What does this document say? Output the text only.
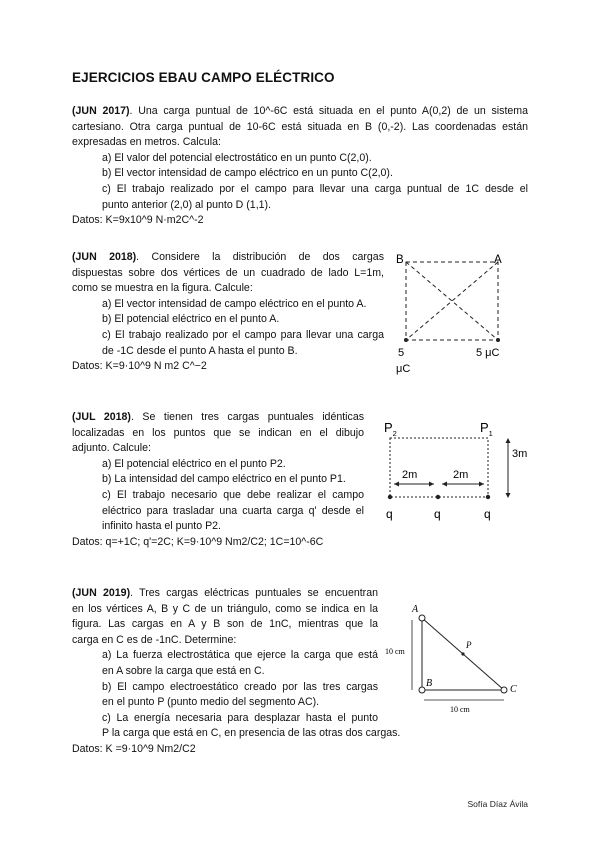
EJERCICIOS EBAU CAMPO ELÉCTRICO
(JUN 2017). Una carga puntual de 10^-6C está situada en el punto A(0,2) de un sistema
cartesiano. Otra carga puntual de 10-6C está situada en B (0,-2). Las coordenadas están
expresadas en metros. Calcula:
a) El valor del potencial electrostático en un punto C(2,0).
b) El vector intensidad de campo eléctrico en un punto C(2,0).
c) El trabajo realizado por el campo para llevar una carga puntual de 1C desde el
punto anterior (2,0) al punto D (1,1).
Datos: K=9x10^9 N·m2C^-2
(JUN 2018). Considere la distribución de dos cargas
dispuestas sobre dos vértices de un cuadrado de lado L=1m,
como se muestra en la figura. Calcule:
a) El vector intensidad de campo eléctrico en el punto A.
b) El potencial eléctrico en el punto A.
c) El trabajo realizado por el campo para llevar una carga
de -1C desde el punto A hasta el punto B.
Datos: K=9·10^9 N m2 C^−2
B	A
5
μC
5 μC
(JUL 2018). Se tienen tres cargas puntuales idénticas
localizadas en los puntos que se indican en el dibujo
adjunto. Calcule:
a) El potencial eléctrico en el punto P2.
b) La intensidad del campo eléctrico en el punto P1.
c) El trabajo necesario que debe realizar el campo
eléctrico para trasladar una cuarta carga q' desde el
infinito hasta el punto P2.
Datos: q=+1C; q'=2C; K=9·10^9 Nm2/C2; 1C=10^-6C
$P_2$	$P_1$
2m	2m
3m
q	q	q
(JUN 2019). Tres cargas eléctricas puntuales se encuentran
en los vértices A, B y C de un triángulo, como se indica en la
figura. Las cargas en A y B son de 1nC, mientras que la
carga en C es de -1nC. Determine:
a) La fuerza electrostática que ejerce la carga que está
en A sobre la carga que está en C.
b) El campo electroestático creado por las tres cargas
en el punto P (punto medio del segmento AC).
c) La energía necesaria para desplazar hasta el punto
P la carga que está en C, en presencia de las otras dos cargas.
Datos: K =9·10^9 Nm2/C2
A
B
C
P
10 cm
10 cm
Sofía Díaz Ávila
